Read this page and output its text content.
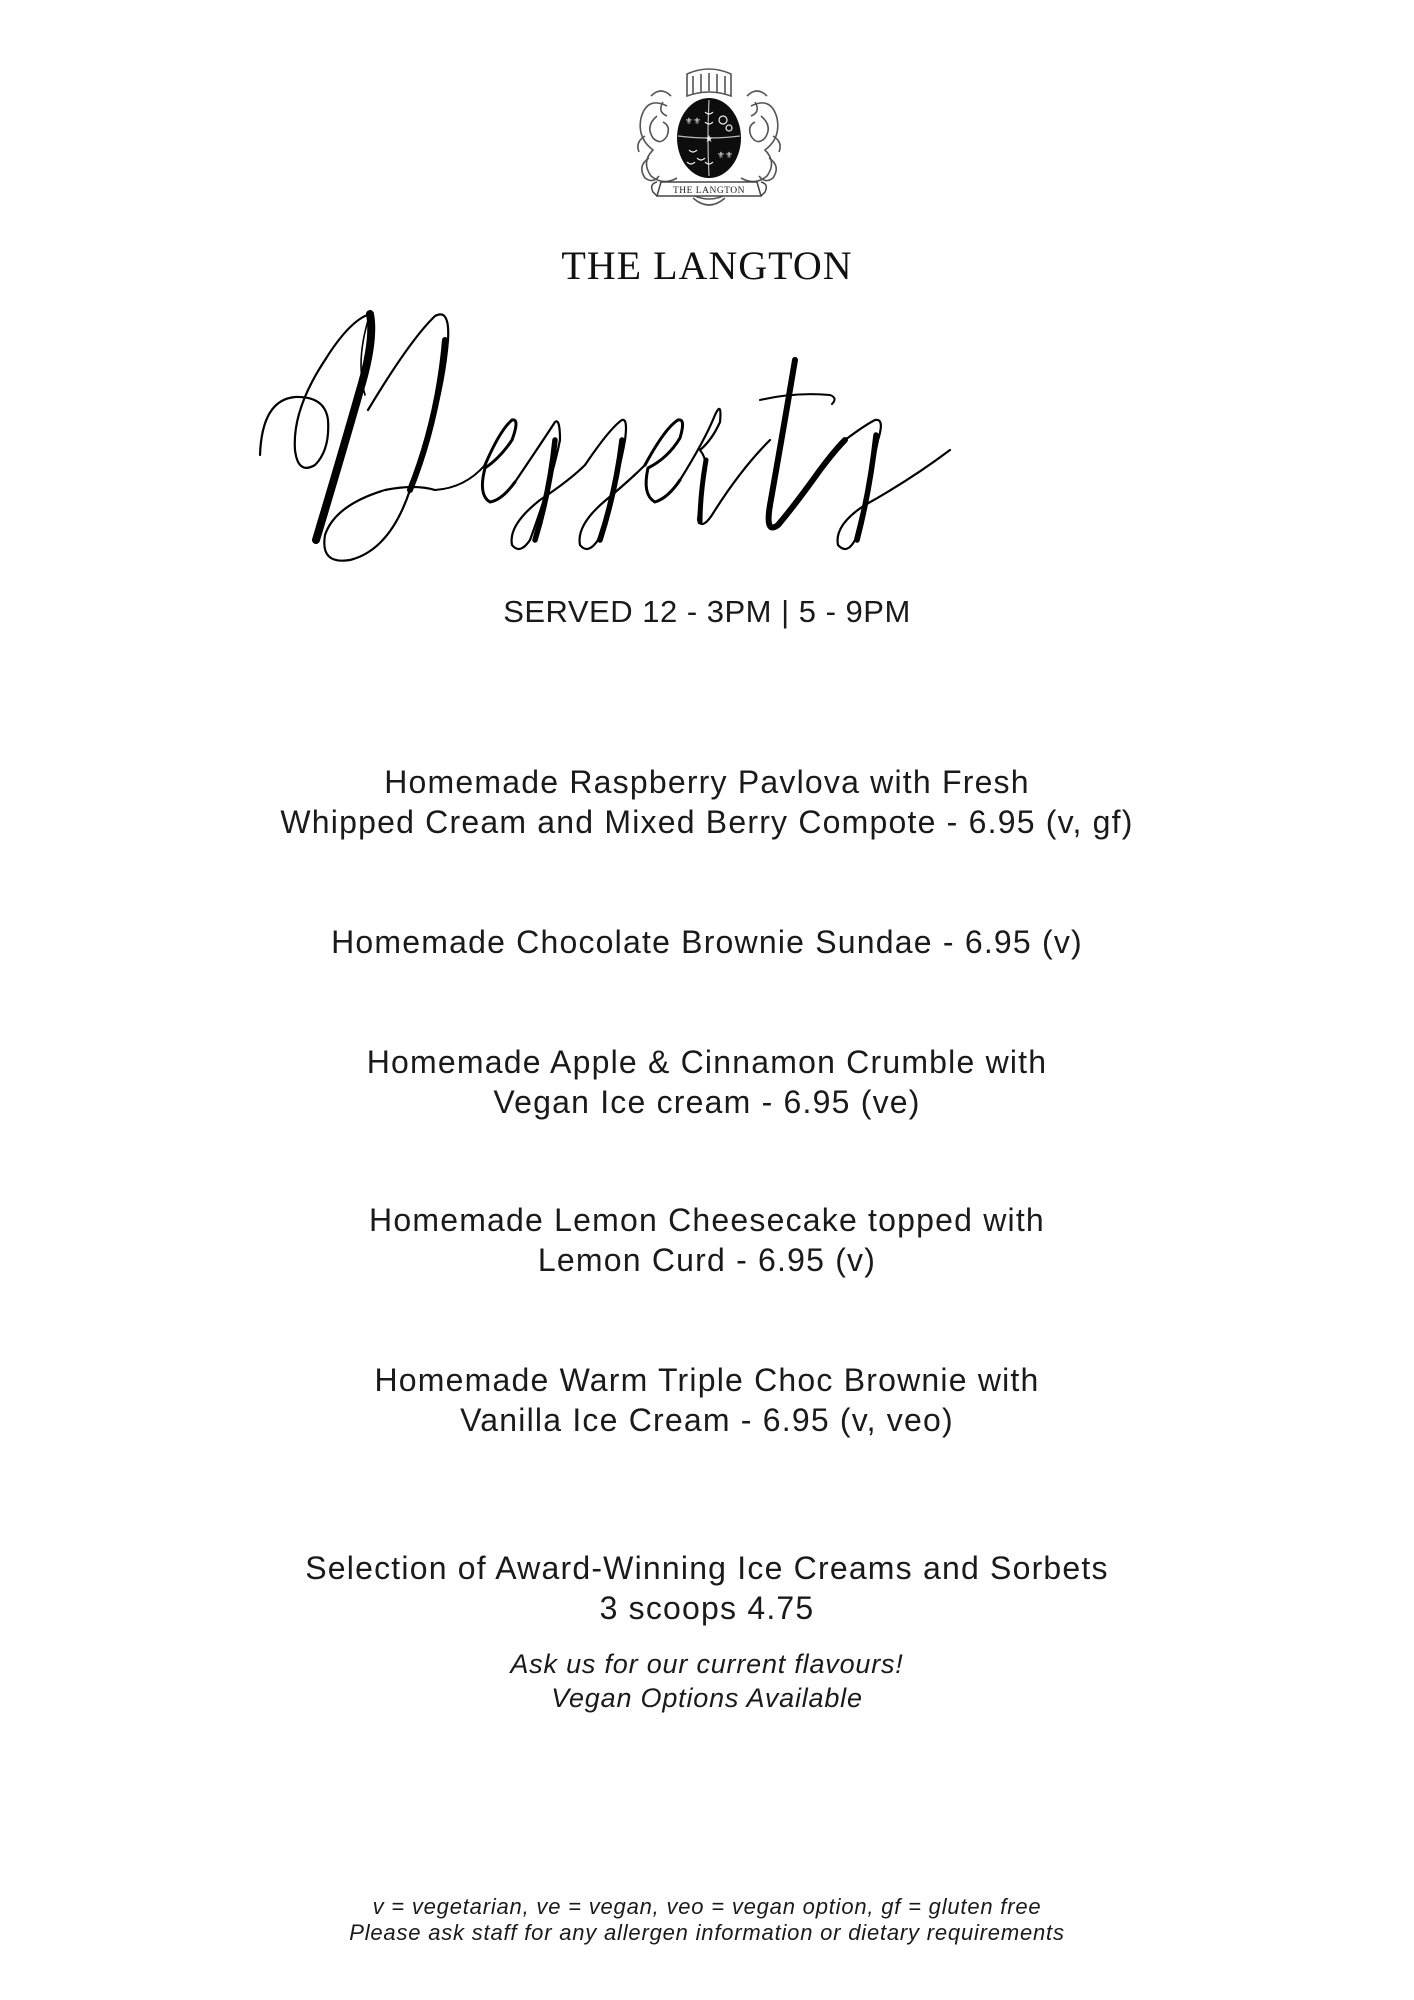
⚜⚜
⚜⚜
★
THE LANGTON
THE LANGTON
SERVED 12 - 3PM | 5 - 9PM
Homemade Raspberry Pavlova with Fresh
Whipped Cream and Mixed Berry Compote - 6.95 (v, gf)
Homemade Chocolate Brownie Sundae - 6.95 (v)
Homemade Apple & Cinnamon Crumble with
Vegan Ice cream - 6.95 (ve)
Homemade Lemon Cheesecake topped with
Lemon Curd - 6.95 (v)
Homemade Warm Triple Choc Brownie with
Vanilla Ice Cream - 6.95 (v, veo)
Selection of Award-Winning Ice Creams and Sorbets
3 scoops 4.75
Ask us for our current flavours!
Vegan Options Available
v = vegetarian, ve = vegan, veo = vegan option, gf = gluten free
Please ask staff for any allergen information or dietary requirements
